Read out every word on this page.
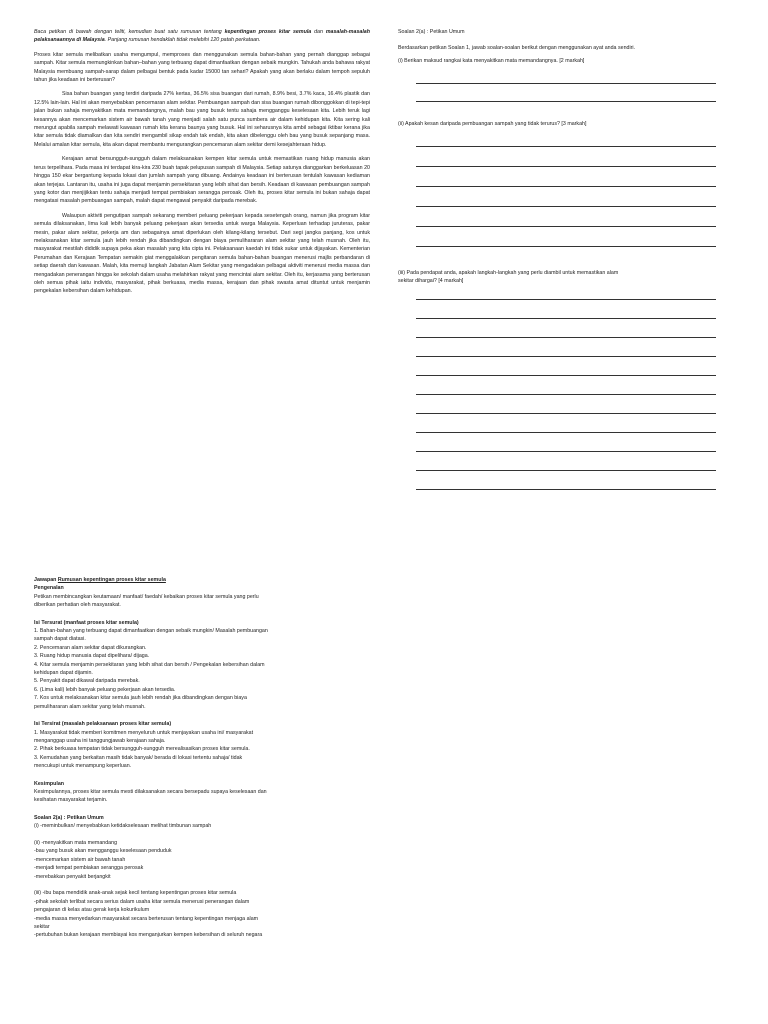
Baca petikan di bawah dengan teliti, kemudian buat satu rumusan tentang kepentingan proses kitar semula dan masalah-masalah pelaksanaannya di Malaysia. Panjang rumusan hendaklah tidak melebihi 120 patah perkataan.

Proses kitar semula melibatkan usaha mengumpul, memproses dan menggunakan semula bahan-bahan yang pernah dianggap sebagai sampah. Kitar semula memungkinkan bahan–bahan yang terbuang dapat dimanfaatkan dengan sebaik mungkin. Tahukah anda bahawa rakyat Malaysia membuang sampah-sarap dalam pelbagai bentuk pada kadar 15000 tan sehari? Apakah yang akan berlaku dalam tempoh sepuluh tahun jika keadaan ini berterusan?

Sisa bahan buangan yang terdiri daripada 27% kertas, 36.5% sisa buangan dari rumah, 8.9% besi, 3.7% kaca, 16.4% plastik dan 12.5% lain-lain. Hal ini akan menyebabkan pencemaran alam sekitar. Pembuangan sampah dan sisa buangan rumah dibonggokkan di tepi-tepi jalan bukan sahaja menyakitkan mata memandangnya, malah bau yang busuk tentu sahaja mengganggu keselesaan kita. Lebih teruk lagi kesannya akan mencemarkan sistem air bawah tanah yang menjadi salah satu punca sumbera air dalam kehidupan kita. Kita sering kali merungut apabila sampah melawati kawasan rumah kita kerana baunya yang busuk. Hal ini seharusnya kita ambil sebagai iktibar kerana jika kitar semula tidak diamalkan dan kita sendiri mengambil sikap endah tak endah, kita akan dibelenggu oleh bau yang busuk sepanjang masa. Melalui amalan kitar semula, kita akan dapat membantu mengurangkan pencemaran alam sekitar demi kesejahteraan hidup.

Kerajaan amat bersungguh-sungguh dalam melaksanakan kempen kitar semula untuk memastikan ruang hidup manusia akan terus terpelihara. Pada masa ini terdapat kira-kira 230 buah tapak pelupusan sampah di Malaysia. Setiap satunya dianggarkan berkeluasan 20 hingga 150 ekar bergantung kepada lokasi dan jumlah sampah yang dibuang. Andainya keadaan ini berterusan tentulah kawasan kediaman akan terjejas. Lantaran itu, usaha ini juga dapat menjamin persekitaran yang lebih sihat dan bersih. Keadaan di kawasan pembuangan sampah yang kotor dan menjijikkan tentu sahaja menjadi tempat pembiakan serangga perosak. Oleh itu, proses kitar semula ini bukan sahaja dapat mengatasi masalah pembuangan sampah, malah dapat mengawal penyakit daripada merebak.

Walaupun aktiviti pengutipan sampah sekarang memberi peluang pekerjaan kepada sesetengah orang, namun jika program kitar semula dilaksanakan, lima kali lebih banyak peluang pekerjaan akan tersedia untuk warga Malaysia. Keperluan terhadap juruteras, pakar mesin, pakar alam sekitar, pekerja am dan sebagainya amat diperlukan oleh kilang-kilang tersebut. Dari segi jangka panjang, kos untuk melaksanakan kitar semula jauh lebih rendah jika dibandingkan dengan biaya pemulihararan alam sekitar yang telah musnah. Oleh itu, masyarakat mestilah dididik supaya peka akan masalah yang kita cipta ini. Pelaksanaan kaedah ini tidak sukar untuk dijayakan. Kementerian Perumahan dan Kerajaan Tempatan semakin giat menggalakkan pengitaran semula bahan-bahan buangan menerusi majlis perbandaran di setiap daerah dan kawasan. Malah, kita memuji langkah Jabatan Alam Sekitar yang mengadakan pelbagai aktiviti menerusi media massa dan mengadakan penerangan hingga ke sekolah dalam usaha melahirkan rakyat yang mencintai alam sekitar. Oleh itu, kerjasama yang berterusan oleh semua pihak iaitu individu, masyarakat, pihak berkuasa, media massa, kerajaan dan pihak swasta amat dituntut untuk menjamin pengekalan kebersihan dalam kehidupan.

Jawapan Rumusan kepentingan proses kitar semula
Pengenalan
Petikan membincangkan keutamaan/ manfaat/ faedah/ kebaikan proses kitar semula yang perlu
diberikan perhatian oleh masyarakat.
Isi Tersurat (manfaat proses kitar semula)
1. Bahan-bahan yang terbuang dapat dimanfaatkan dengan sebaik mungkin/ Masalah pembuangan
sampah dapat diatasi.
2. Pencemaran alam sekitar dapat dikurangkan.
3. Ruang hidup manusia dapat dipelihara/ dijaga.
4. Kitar semula menjamin persekitaran yang lebih sihat dan bersih / Pengekalan kebersihan dalam
kehidupan dapat dijamin.
5. Penyakit dapat dikawal daripada merebak.
6. (Lima kali) lebih banyak peluang pekerjaan akan tersedia.
7. Kos untuk melaksanakan kitar semula jauh lebih rendah jika dibandingkan dengan biaya
pemulihararan alam sekitar yang telah musnah.
Isi Tersirat (masalah pelaksanaan proses kitar semula)
1. Masyarakat tidak memberi komitmen menyeluruh untuk menjayakan usaha ini/ masyarakat
menganggap usaha ini tanggungjawab kerajaan sahaja.
2. Pihak berkuasa tempatan tidak bersungguh-sungguh merealisasikan proses kitar semula.
3. Kemudahan yang berkaitan masih tidak banyak/ berada di lokasi tertentu sahaja/ tidak
mencukupi untuk menampung keperluan.
Kesimpulan
Kesimpulannya, proses kitar semula mesti dilaksanakan secara bersepadu supaya keselesaan dan
kesihatan masyarakat terjamin.
Soalan 2(a) : Petikan Umum
(i) -meminbulkan/ menyebabkan ketidakselesaan melihat timbunan sampah

(ii) -menyakitkan mata memandang
-bau yang busuk akan mengganggu keselesaan penduduk
-mencemarkan sistem air bawah tanah
-menjadi tempat pembiakan serangga perosak
-merebakkan penyakit berjangkit
(iii) -ibu bapa mendidik anak-anak sejak kecil tentang kepentingan proses kitar semula
-pihak sekolah terlibat secara serius dalam usaha kitar semula menerusi penerangan dalam
pengajaran di kelas atau gerak kerja kokurikulum
-media massa menyedarkan masyarakat secara berterusan tentang kepentingan menjaga alam
sekitar
-pertubuhan bukan kerajaan membiayai kos menganjurkan kempen kebersihan di seluruh negara
Soalan 2(a) : Petikan Umum
Berdasarkan petikan Soalan 1, jawab soalan-soalan berikut dengan menggunakan ayat anda sendiri.
(i) Berikan maksud rangkai kata menyakitkan mata memandangnya. [2 markah]
(ii) Apakah kesan daripada pembuangan sampah yang tidak terurus? [3 markah]
(iii) Pada pendapat anda, apakah langkah-langkah yang perlu diambil untuk memastikan alam
sekitar dihargai? [4 markah]
